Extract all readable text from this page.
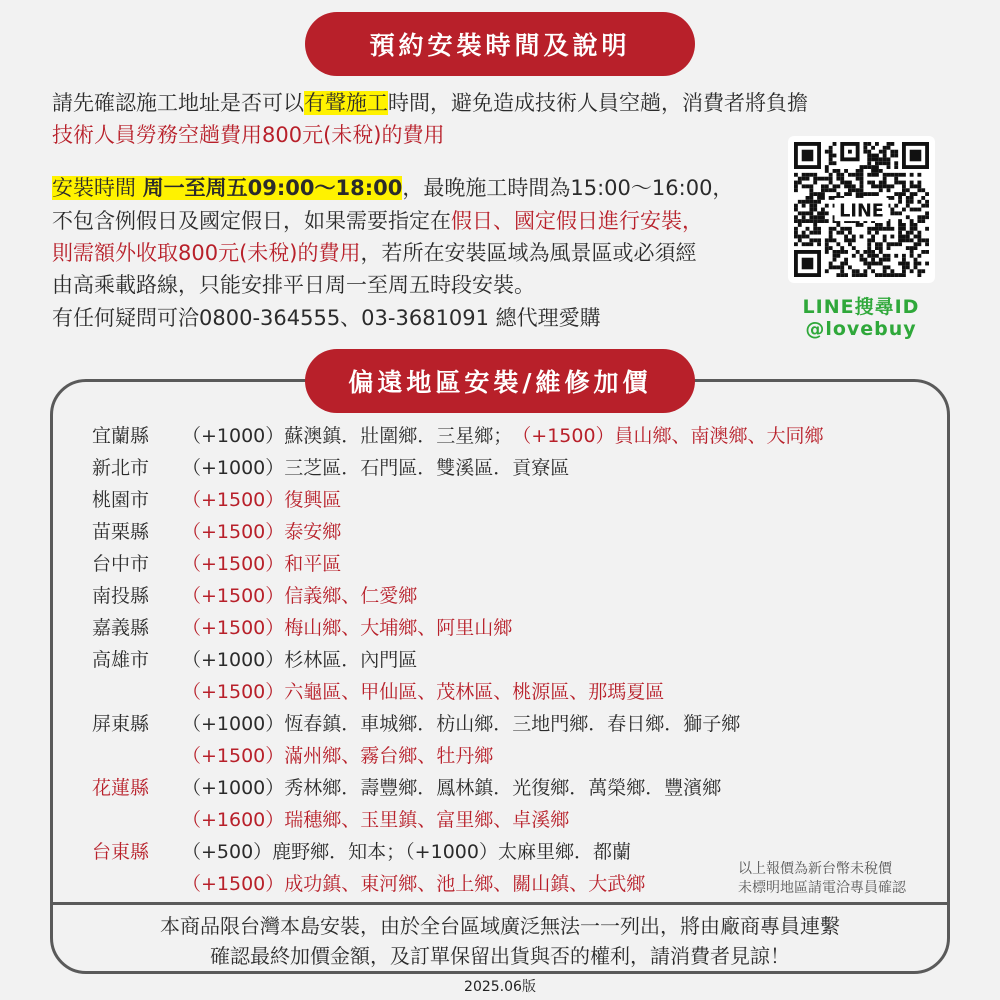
預約安裝時間及說明
請先確認施工地址是否可以有聲施工時間，避免造成技術人員空趟，消費者將負擔
技術人員勞務空趟費用800元(未稅)的費用
安裝時間 周一至周五09:00～18:00，最晚施工時間為15:00～16:00，
不包含例假日及國定假日，如果需要指定在假日、國定假日進行安裝，
則需額外收取800元(未稅)的費用，若所在安裝區域為風景區或必須經
由高乘載路線，只能安排平日周一至周五時段安裝。
有任何疑問可洽0800-364555、03-3681091 總代理愛購
LINE
LINE搜尋ID
@lovebuy
偏遠地區安裝/維修加價
宜蘭縣 （+1000）蘇澳鎮．壯圍鄉．三星鄉；（+1500）員山鄉、南澳鄉、大同鄉
新北市 （+1000）三芝區．石門區．雙溪區．貢寮區
桃園市 （+1500）復興區
苗栗縣 （+1500）泰安鄉
台中市 （+1500）和平區
南投縣 （+1500）信義鄉、仁愛鄉
嘉義縣 （+1500）梅山鄉、大埔鄉、阿里山鄉
高雄市 （+1000）杉林區．內門區
（+1500）六龜區、甲仙區、茂林區、桃源區、那瑪夏區
屏東縣 （+1000）恆春鎮．車城鄉．枋山鄉．三地門鄉．春日鄉．獅子鄉
（+1500）滿州鄉、霧台鄉、牡丹鄉
花蓮縣 （+1000）秀林鄉．壽豐鄉．鳳林鎮．光復鄉．萬榮鄉．豐濱鄉
（+1600）瑞穗鄉、玉里鎮、富里鄉、卓溪鄉
台東縣 （+500）鹿野鄉．知本；（+1000）太麻里鄉．都蘭
（+1500）成功鎮、東河鄉、池上鄉、關山鎮、大武鄉
以上報價為新台幣未稅價
未標明地區請電洽專員確認
本商品限台灣本島安裝，由於全台區域廣泛無法一一列出，將由廠商專員連繫
確認最終加價金額，及訂單保留出貨與否的權利，請消費者見諒！
2025.06版
